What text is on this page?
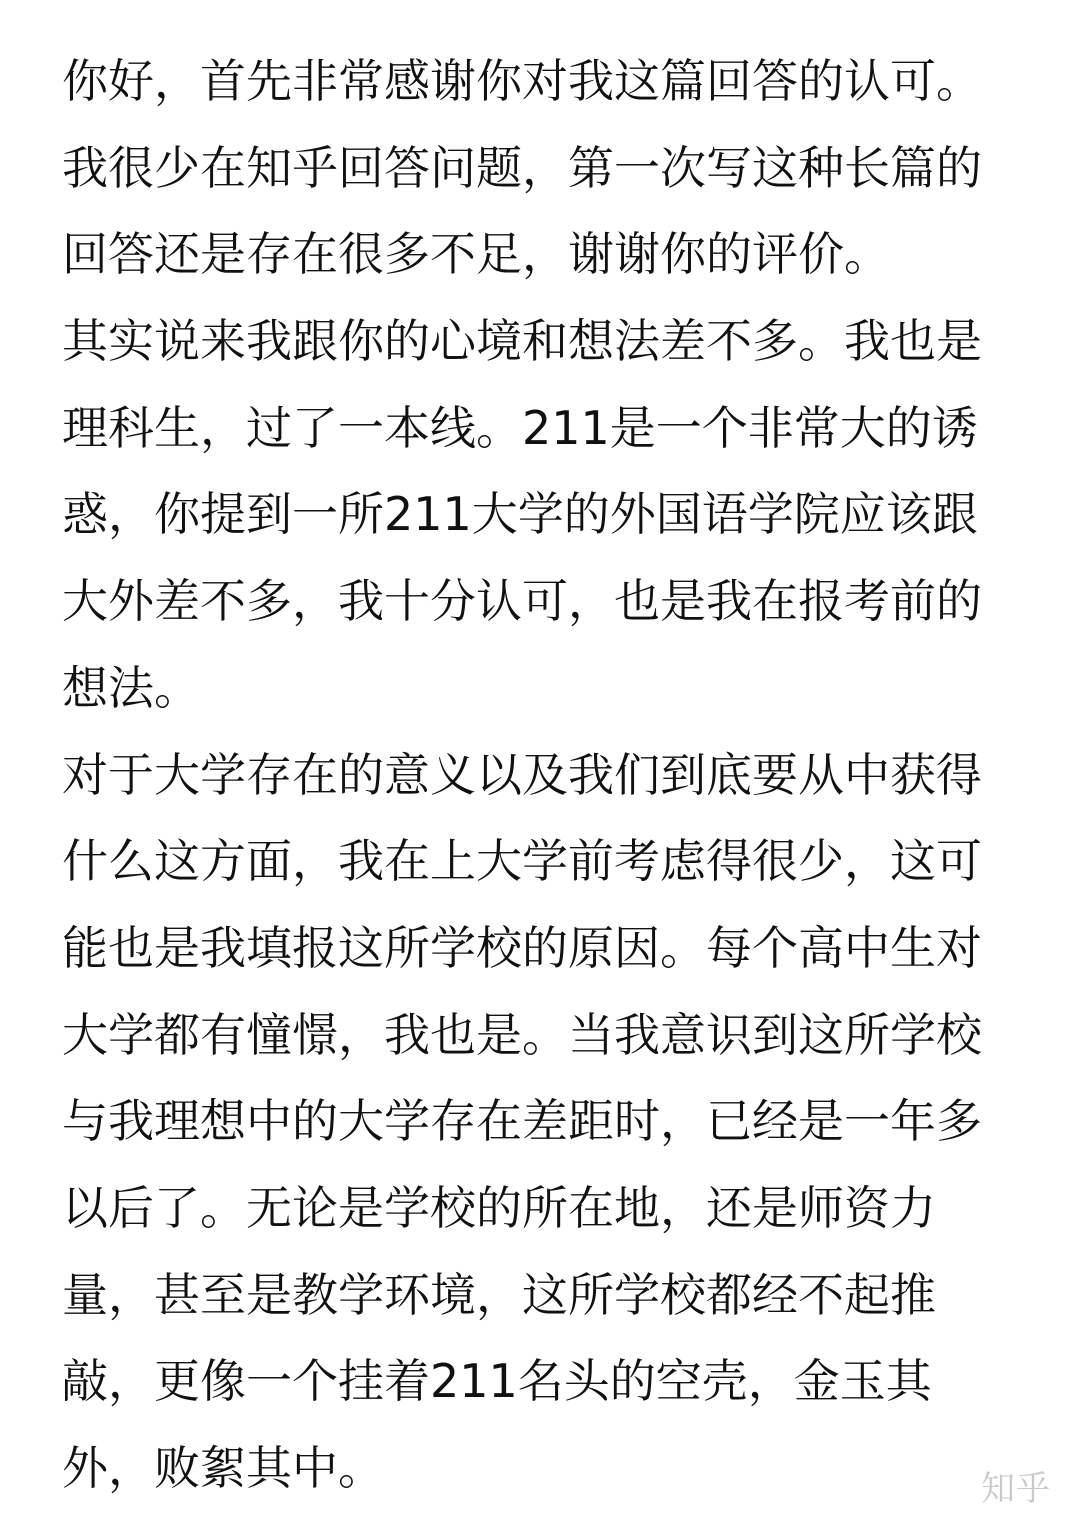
你好，首先非常感谢你对我这篇回答的认可。
我很少在知乎回答问题，第一次写这种长篇的
回答还是存在很多不足，谢谢你的评价。
其实说来我跟你的心境和想法差不多。我也是
理科生，过了一本线。211是一个非常大的诱
惑，你提到一所211大学的外国语学院应该跟
大外差不多，我十分认可，也是我在报考前的
想法。
对于大学存在的意义以及我们到底要从中获得
什么这方面，我在上大学前考虑得很少，这可
能也是我填报这所学校的原因。每个高中生对
大学都有憧憬，我也是。当我意识到这所学校
与我理想中的大学存在差距时，已经是一年多
以后了。无论是学校的所在地，还是师资力
量，甚至是教学环境，这所学校都经不起推
敲，更像一个挂着211名头的空壳，金玉其
外，败絮其中。	知乎
